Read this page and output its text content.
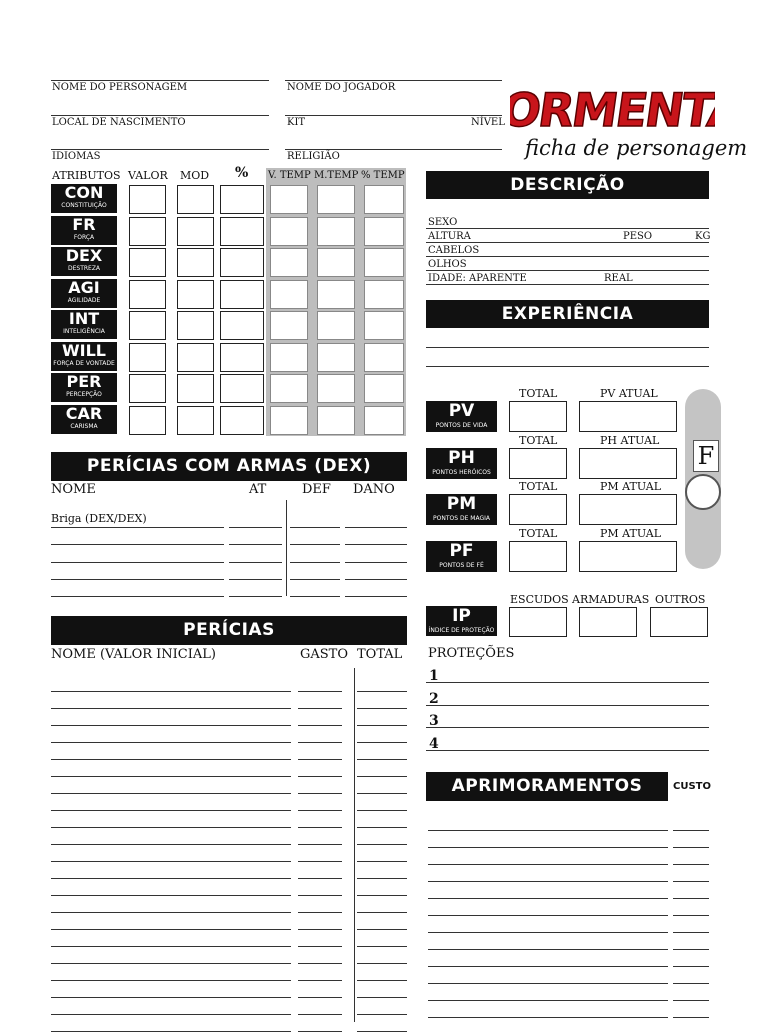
NOME DO PERSONAGEM	NOME DO JOGADOR
LOCAL DE NASCIMENTO	KIT	NÍVEL
IDIOMAS	RELIGIÃO
TORMENTA
ficha de personagem
ATRIBUTOS VALOR MOD % V. TEMP M.TEMP % TEMP
CON
CONSTITUIÇÃO
FR
FORÇA
DEX
DESTREZA
AGI
AGILIDADE
INT
INTELIGÊNCIA
WILL
FORÇA DE VONTADE
PER
PERCEPÇÃO
CAR
CARISMA
DESCRIÇÃO
SEXO
ALTURA	PESO	KG
CABELOS
OLHOS
IDADE: APARENTE	REAL
EXPERIÊNCIA
TOTAL	PV ATUAL
PV
PONTOS DE VIDA
TOTAL	PH ATUAL
PH
PONTOS HERÓICOS
TOTAL	PM ATUAL
PM
PONTOS DE MAGIA
TOTAL	PM ATUAL
PF
PONTOS DE FÉ
F
ESCUDOS ARMADURAS OUTROS
IP
ÍNDICE DE PROTEÇÃO
PROTEÇÕES
1
2
3
4
PERÍCIAS COM ARMAS (DEX)
NOME	AT	DEF DANO
Briga (DEX/DEX)
PERÍCIAS
NOME (VALOR INICIAL)	GASTO TOTAL
APRIMORAMENTOS	CUSTO
